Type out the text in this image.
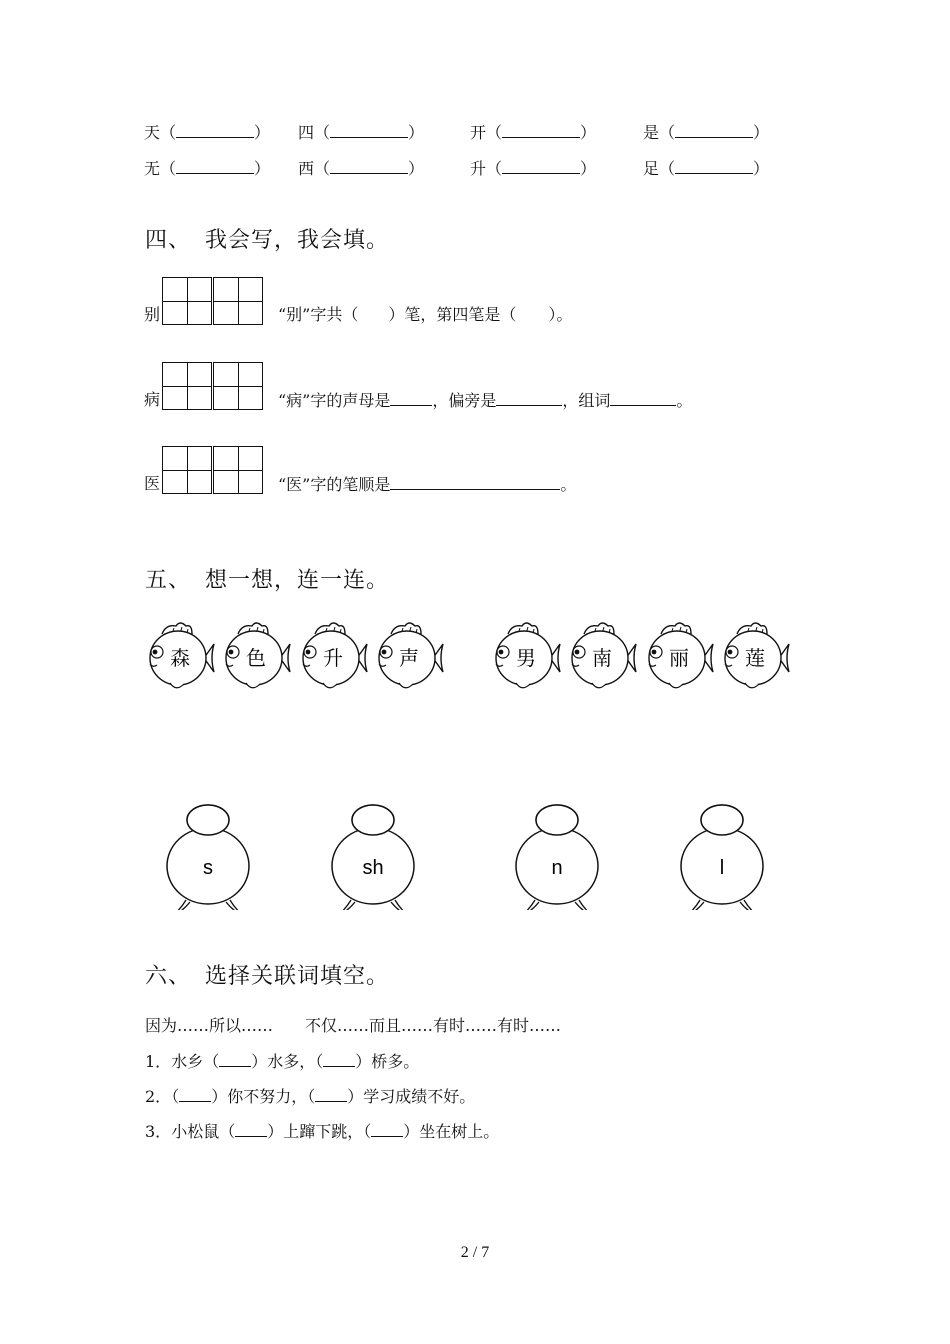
天（	） 四（	）	开（	）	是（	）
无（	） 西（	）	升（	）	足（	）
四、 我会写，我会填。
别	“别”字共（ ）笔，第四笔是（ ）。
病	“病”字的声母是	，偏旁是	，组词	。
医	“医”字的笔顺是	。
五、 想一想，连一连。
森	色	升	声	男	南	丽	莲
s	sh	n	l
六、 选择关联词填空。
因为……所以…… 不仅……而且……有时……有时……
1．水乡（ ）水多，（ ）桥多。
2．（ ）你不努力，（ ）学习成绩不好。
3．小松鼠（ ）上蹿下跳，（ ）坐在树上。
2 / 7
